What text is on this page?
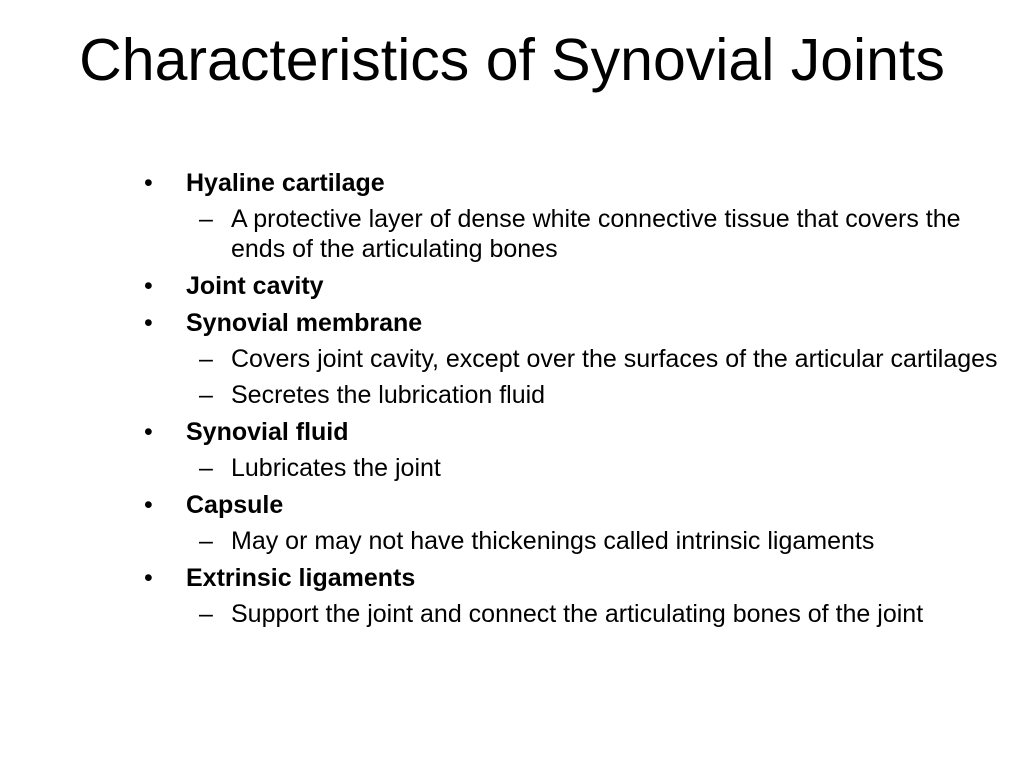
Characteristics of Synovial Joints
• Hyaline cartilage
– A protective layer of dense white connective tissue that covers the ends of the articulating bones
• Joint cavity
• Synovial membrane
– Covers joint cavity, except over the surfaces of the articular cartilages
– Secretes the lubrication fluid
• Synovial fluid
– Lubricates the joint
• Capsule
– May or may not have thickenings called intrinsic ligaments
• Extrinsic ligaments
– Support the joint and connect the articulating bones of the joint
